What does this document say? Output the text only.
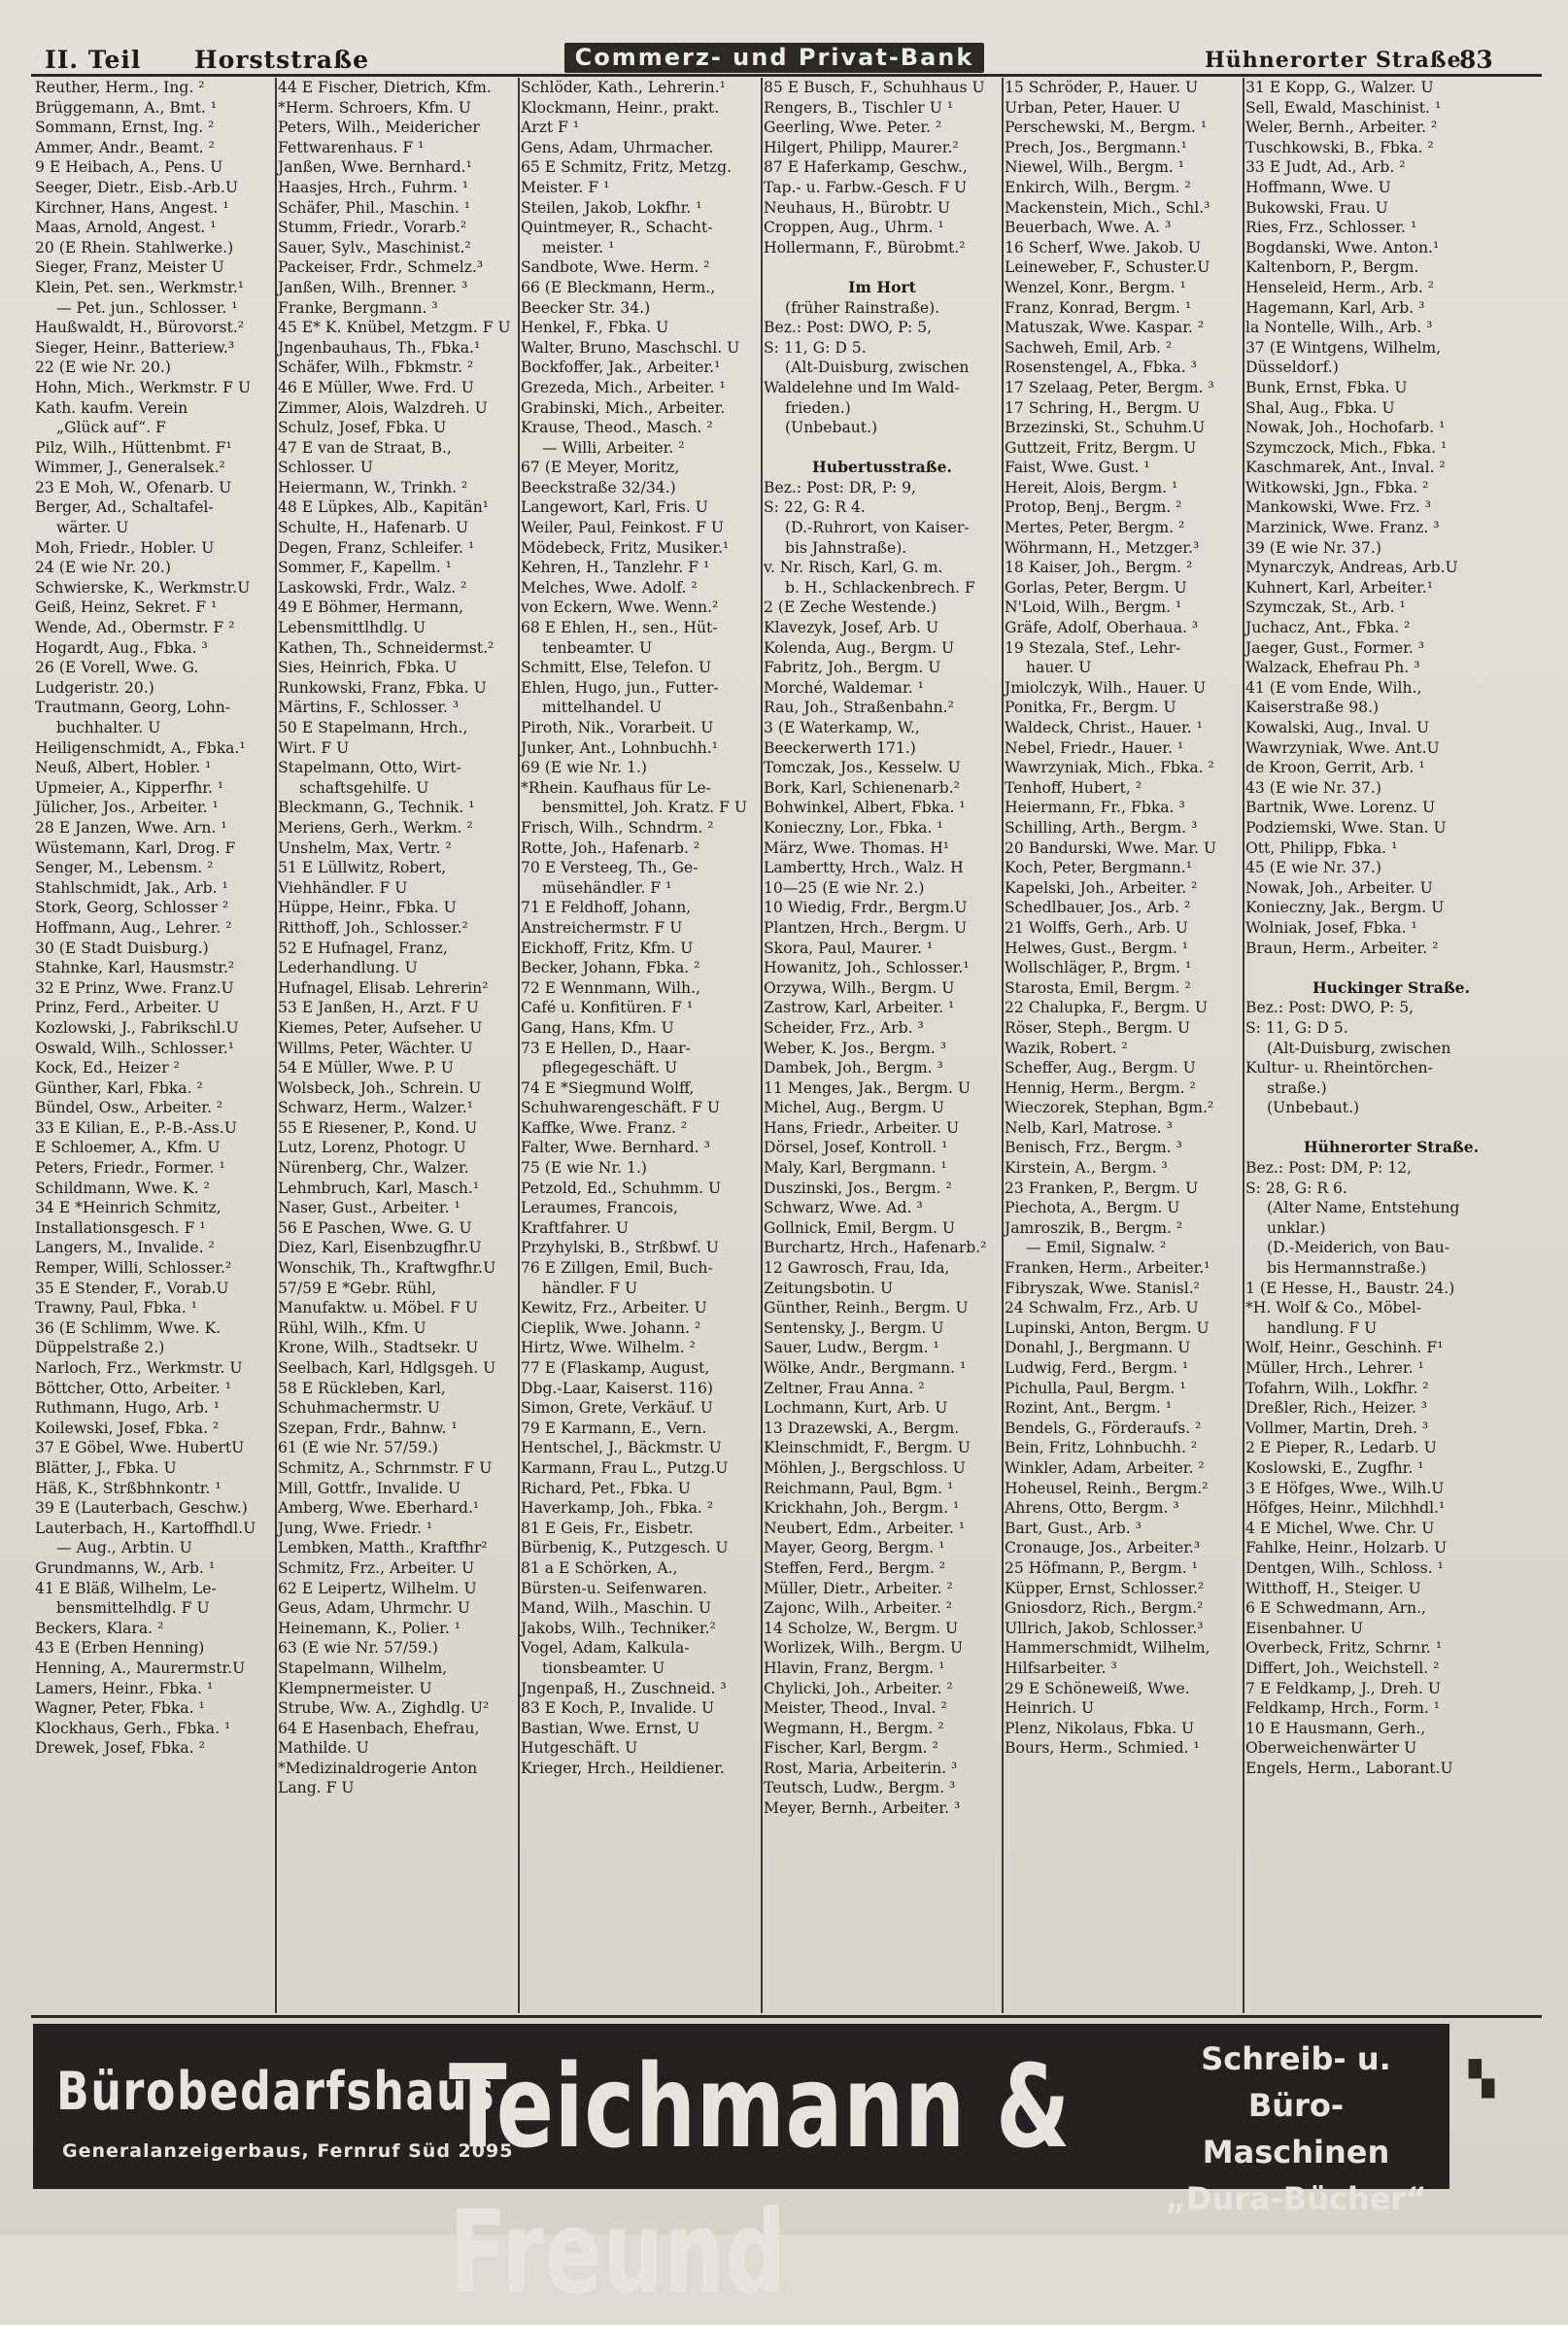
II. Teil Horststraße	Hühnerorter Straße
83
Commerz- und Privat-Bank
Reuther, Herm., Ing. ²
Brüggemann, A., Bmt. ¹
Sommann, Ernst, Ing. ²
Ammer, Andr., Beamt. ²
9 E Heibach, A., Pens. U
Seeger, Dietr., Eisb.-Arb.U
Kirchner, Hans, Angest. ¹
Maas, Arnold, Angest. ¹
20 (E Rhein. Stahlwerke.)
Sieger, Franz, Meister U
Klein, Pet. sen., Werkmstr.¹
— Pet. jun., Schlosser. ¹
Haußwaldt, H., Bürovorst.²
Sieger, Heinr., Batteriew.³
22 (E wie Nr. 20.)
Hohn, Mich., Werkmstr. F U
Kath. kaufm. Verein
„Glück auf“. F
Pilz, Wilh., Hüttenbmt. F¹
Wimmer, J., Generalsek.²
23 E Moh, W., Ofenarb. U
Berger, Ad., Schaltafel-
wärter. U
Moh, Friedr., Hobler. U
24 (E wie Nr. 20.)
Schwierske, K., Werkmstr.U
Geiß, Heinz, Sekret. F ¹
Wende, Ad., Obermstr. F ²
Hogardt, Aug., Fbka. ³
26 (E Vorell, Wwe. G.
Ludgeristr. 20.)
Trautmann, Georg, Lohn-
buchhalter. U
Heiligenschmidt, A., Fbka.¹
Neuß, Albert, Hobler. ¹
Upmeier, A., Kipperfhr. ¹
Jülicher, Jos., Arbeiter. ¹
28 E Janzen, Wwe. Arn. ¹
Wüstemann, Karl, Drog. F
Senger, M., Lebensm. ²
Stahlschmidt, Jak., Arb. ¹
Stork, Georg, Schlosser ²
Hoffmann, Aug., Lehrer. ²
30 (E Stadt Duisburg.)
Stahnke, Karl, Hausmstr.²
32 E Prinz, Wwe. Franz.U
Prinz, Ferd., Arbeiter. U
Kozlowski, J., Fabrikschl.U
Oswald, Wilh., Schlosser.¹
Kock, Ed., Heizer ²
Günther, Karl, Fbka. ²
Bündel, Osw., Arbeiter. ²
33 E Kilian, E., P.-B.-Ass.U
E Schloemer, A., Kfm. U
Peters, Friedr., Former. ¹
Schildmann, Wwe. K. ²
34 E *Heinrich Schmitz,
Installationsgesch. F ¹
Langers, M., Invalide. ²
Remper, Willi, Schlosser.²
35 E Stender, F., Vorab.U
Trawny, Paul, Fbka. ¹
36 (E Schlimm, Wwe. K.
Düppelstraße 2.)
Narloch, Frz., Werkmstr. U
Böttcher, Otto, Arbeiter. ¹
Ruthmann, Hugo, Arb. ¹
Koilewski, Josef, Fbka. ²
37 E Göbel, Wwe. HubertU
Blätter, J., Fbka. U
Häß, K., Strßbhnkontr. ¹
39 E (Lauterbach, Geschw.)
Lauterbach, H., Kartoffhdl.U
— Aug., Arbtin. U
Grundmanns, W., Arb. ¹
41 E Bläß, Wilhelm, Le-
bensmittelhdlg. F U
Beckers, Klara. ²
43 E (Erben Henning)
Henning, A., Maurermstr.U
Lamers, Heinr., Fbka. ¹
Wagner, Peter, Fbka. ¹
Klockhaus, Gerh., Fbka. ¹
Drewek, Josef, Fbka. ²
44 E Fischer, Dietrich, Kfm.
*Herm. Schroers, Kfm. U
Peters, Wilh., Meidericher
Fettwarenhaus. F ¹
Janßen, Wwe. Bernhard.¹
Haasjes, Hrch., Fuhrm. ¹
Schäfer, Phil., Maschin. ¹
Stumm, Friedr., Vorarb.²
Sauer, Sylv., Maschinist.²
Packeiser, Frdr., Schmelz.³
Janßen, Wilh., Brenner. ³
Franke, Bergmann. ³
45 E* K. Knübel, Metzgm. F U
Jngenbauhaus, Th., Fbka.¹
Schäfer, Wilh., Fbkmstr. ²
46 E Müller, Wwe. Frd. U
Zimmer, Alois, Walzdreh. U
Schulz, Josef, Fbka. U
47 E van de Straat, B.,
Schlosser. U
Heiermann, W., Trinkh. ²
48 E Lüpkes, Alb., Kapitän¹
Schulte, H., Hafenarb. U
Degen, Franz, Schleifer. ¹
Sommer, F., Kapellm. ¹
Laskowski, Frdr., Walz. ²
49 E Böhmer, Hermann,
Lebensmittlhdlg. U
Kathen, Th., Schneidermst.²
Sies, Heinrich, Fbka. U
Runkowski, Franz, Fbka. U
Märtins, F., Schlosser. ³
50 E Stapelmann, Hrch.,
Wirt. F U
Stapelmann, Otto, Wirt-
schaftsgehilfe. U
Bleckmann, G., Technik. ¹
Meriens, Gerh., Werkm. ²
Unshelm, Max, Vertr. ²
51 E Lüllwitz, Robert,
Viehhändler. F U
Hüppe, Heinr., Fbka. U
Ritthoff, Joh., Schlosser.²
52 E Hufnagel, Franz,
Lederhandlung. U
Hufnagel, Elisab. Lehrerin²
53 E Janßen, H., Arzt. F U
Kiemes, Peter, Aufseher. U
Willms, Peter, Wächter. U
54 E Müller, Wwe. P. U
Wolsbeck, Joh., Schrein. U
Schwarz, Herm., Walzer.¹
55 E Riesener, P., Kond. U
Lutz, Lorenz, Photogr. U
Nürenberg, Chr., Walzer.
Lehmbruch, Karl, Masch.¹
Naser, Gust., Arbeiter. ¹
56 E Paschen, Wwe. G. U
Diez, Karl, Eisenbzugfhr.U
Wonschik, Th., Kraftwgfhr.U
57/59 E *Gebr. Rühl,
Manufaktw. u. Möbel. F U
Rühl, Wilh., Kfm. U
Krone, Wilh., Stadtsekr. U
Seelbach, Karl, Hdlgsgeh. U
58 E Rückleben, Karl,
Schuhmachermstr. U
Szepan, Frdr., Bahnw. ¹
61 (E wie Nr. 57/59.)
Schmitz, A., Schrnmstr. F U
Mill, Gottfr., Invalide. U
Amberg, Wwe. Eberhard.¹
Jung, Wwe. Friedr. ¹
Lembken, Matth., Kraftfhr²
Schmitz, Frz., Arbeiter. U
62 E Leipertz, Wilhelm. U
Geus, Adam, Uhrmchr. U
Heinemann, K., Polier. ¹
63 (E wie Nr. 57/59.)
Stapelmann, Wilhelm,
Klempnermeister. U
Strube, Ww. A., Zighdlg. U²
64 E Hasenbach, Ehefrau,
Mathilde. U
*Medizinaldrogerie Anton
Lang. F U
Schlöder, Kath., Lehrerin.¹
Klockmann, Heinr., prakt.
Arzt F ¹
Gens, Adam, Uhrmacher.
65 E Schmitz, Fritz, Metzg.
Meister. F ¹
Steilen, Jakob, Lokfhr. ¹
Quintmeyer, R., Schacht-
meister. ¹
Sandbote, Wwe. Herm. ²
66 (E Bleckmann, Herm.,
Beecker Str. 34.)
Henkel, F., Fbka. U
Walter, Bruno, Maschschl. U
Bockfoffer, Jak., Arbeiter.¹
Grezeda, Mich., Arbeiter. ¹
Grabinski, Mich., Arbeiter.
Krause, Theod., Masch. ²
— Willi, Arbeiter. ²
67 (E Meyer, Moritz,
Beeckstraße 32/34.)
Langewort, Karl, Fris. U
Weiler, Paul, Feinkost. F U
Mödebeck, Fritz, Musiker.¹
Kehren, H., Tanzlehr. F ¹
Melches, Wwe. Adolf. ²
von Eckern, Wwe. Wenn.²
68 E Ehlen, H., sen., Hüt-
tenbeamter. U
Schmitt, Else, Telefon. U
Ehlen, Hugo, jun., Futter-
mittelhandel. U
Piroth, Nik., Vorarbeit. U
Junker, Ant., Lohnbuchh.¹
69 (E wie Nr. 1.)
*Rhein. Kaufhaus für Le-
bensmittel, Joh. Kratz. F U
Frisch, Wilh., Schndrm. ²
Rotte, Joh., Hafenarb. ²
70 E Versteeg, Th., Ge-
müsehändler. F ¹
71 E Feldhoff, Johann,
Anstreichermstr. F U
Eickhoff, Fritz, Kfm. U
Becker, Johann, Fbka. ²
72 E Wennmann, Wilh.,
Café u. Konfitüren. F ¹
Gang, Hans, Kfm. U
73 E Hellen, D., Haar-
pflegegeschäft. U
74 E *Siegmund Wolff,
Schuhwarengeschäft. F U
Kaffke, Wwe. Franz. ²
Falter, Wwe. Bernhard. ³
75 (E wie Nr. 1.)
Petzold, Ed., Schuhmm. U
Leraumes, Francois,
Kraftfahrer. U
Przyhylski, B., Strßbwf. U
76 E Zillgen, Emil, Buch-
händler. F U
Kewitz, Frz., Arbeiter. U
Cieplik, Wwe. Johann. ²
Hirtz, Wwe. Wilhelm. ²
77 E (Flaskamp, August,
Dbg.-Laar, Kaiserst. 116)
Simon, Grete, Verkäuf. U
79 E Karmann, E., Vern.
Hentschel, J., Bäckmstr. U
Karmann, Frau L., Putzg.U
Richard, Pet., Fbka. U
Haverkamp, Joh., Fbka. ²
81 E Geis, Fr., Eisbetr.
Bürbenig, K., Putzgesch. U
81 a E Schörken, A.,
Bürsten-u. Seifenwaren.
Mand, Wilh., Maschin. U
Jakobs, Wilh., Techniker.²
Vogel, Adam, Kalkula-
tionsbeamter. U
Jngenpaß, H., Zuschneid. ³
83 E Koch, P., Invalide. U
Bastian, Wwe. Ernst, U
Hutgeschäft. U
Krieger, Hrch., Heildiener.
85 E Busch, F., Schuhhaus U
Rengers, B., Tischler U ¹
Geerling, Wwe. Peter. ²
Hilgert, Philipp, Maurer.²
87 E Haferkamp, Geschw.,
Tap.- u. Farbw.-Gesch. F U
Neuhaus, H., Bürobtr. U
Croppen, Aug., Uhrm. ¹
Hollermann, F., Bürobmt.²
Im Hort
(früher Rainstraße).
Bez.: Post: DWO, P: 5,
S: 11, G: D 5.
(Alt-Duisburg, zwischen
Waldelehne und Im Wald-
frieden.)
(Unbebaut.)
Hubertusstraße.
Bez.: Post: DR, P: 9,
S: 22, G: R 4.
(D.-Ruhrort, von Kaiser-
bis Jahnstraße).
v. Nr. Risch, Karl, G. m.
b. H., Schlackenbrech. F
2 (E Zeche Westende.)
Klavezyk, Josef, Arb. U
Kolenda, Aug., Bergm. U
Fabritz, Joh., Bergm. U
Morché, Waldemar. ¹
Rau, Joh., Straßenbahn.²
3 (E Waterkamp, W.,
Beeckerwerth 171.)
Tomczak, Jos., Kesselw. U
Bork, Karl, Schienenarb.²
Bohwinkel, Albert, Fbka. ¹
Konieczny, Lor., Fbka. ¹
März, Wwe. Thomas. H¹
Lambertty, Hrch., Walz. H
10—25 (E wie Nr. 2.)
10 Wiedig, Frdr., Bergm.U
Plantzen, Hrch., Bergm. U
Skora, Paul, Maurer. ¹
Howanitz, Joh., Schlosser.¹
Orzywa, Wilh., Bergm. U
Zastrow, Karl, Arbeiter. ¹
Scheider, Frz., Arb. ³
Weber, K. Jos., Bergm. ³
Dambek, Joh., Bergm. ³
11 Menges, Jak., Bergm. U
Michel, Aug., Bergm. U
Hans, Friedr., Arbeiter. U
Dörsel, Josef, Kontroll. ¹
Maly, Karl, Bergmann. ¹
Duszinski, Jos., Bergm. ²
Schwarz, Wwe. Ad. ³
Gollnick, Emil, Bergm. U
Burchartz, Hrch., Hafenarb.²
12 Gawrosch, Frau, Ida,
Zeitungsbotin. U
Günther, Reinh., Bergm. U
Sentensky, J., Bergm. U
Sauer, Ludw., Bergm. ¹
Wölke, Andr., Bergmann. ¹
Zeltner, Frau Anna. ²
Lochmann, Kurt, Arb. U
13 Drazewski, A., Bergm.
Kleinschmidt, F., Bergm. U
Möhlen, J., Bergschloss. U
Reichmann, Paul, Bgm. ¹
Krickhahn, Joh., Bergm. ¹
Neubert, Edm., Arbeiter. ¹
Mayer, Georg, Bergm. ¹
Steffen, Ferd., Bergm. ²
Müller, Dietr., Arbeiter. ²
Zajonc, Wilh., Arbeiter. ²
14 Scholze, W., Bergm. U
Worlizek, Wilh., Bergm. U
Hlavin, Franz, Bergm. ¹
Chylicki, Joh., Arbeiter. ²
Meister, Theod., Inval. ²
Wegmann, H., Bergm. ²
Fischer, Karl, Bergm. ²
Rost, Maria, Arbeiterin. ³
Teutsch, Ludw., Bergm. ³
Meyer, Bernh., Arbeiter. ³
15 Schröder, P., Hauer. U
Urban, Peter, Hauer. U
Perschewski, M., Bergm. ¹
Prech, Jos., Bergmann.¹
Niewel, Wilh., Bergm. ¹
Enkirch, Wilh., Bergm. ²
Mackenstein, Mich., Schl.³
Beuerbach, Wwe. A. ³
16 Scherf, Wwe. Jakob. U
Leineweber, F., Schuster.U
Wenzel, Konr., Bergm. ¹
Franz, Konrad, Bergm. ¹
Matuszak, Wwe. Kaspar. ²
Sachweh, Emil, Arb. ²
Rosenstengel, A., Fbka. ³
17 Szelaag, Peter, Bergm. ³
17 Schring, H., Bergm. U
Brzezinski, St., Schuhm.U
Guttzeit, Fritz, Bergm. U
Faist, Wwe. Gust. ¹
Hereit, Alois, Bergm. ¹
Protop, Benj., Bergm. ²
Mertes, Peter, Bergm. ²
Wöhrmann, H., Metzger.³
18 Kaiser, Joh., Bergm. ²
Gorlas, Peter, Bergm. U
N'Loid, Wilh., Bergm. ¹
Gräfe, Adolf, Oberhaua. ³
19 Stezala, Stef., Lehr-
hauer. U
Jmiolczyk, Wilh., Hauer. U
Ponitka, Fr., Bergm. U
Waldeck, Christ., Hauer. ¹
Nebel, Friedr., Hauer. ¹
Wawrzyniak, Mich., Fbka. ²
Tenhoff, Hubert, ²
Heiermann, Fr., Fbka. ³
Schilling, Arth., Bergm. ³
20 Bandurski, Wwe. Mar. U
Koch, Peter, Bergmann.¹
Kapelski, Joh., Arbeiter. ²
Schedlbauer, Jos., Arb. ²
21 Wolffs, Gerh., Arb. U
Helwes, Gust., Bergm. ¹
Wollschläger, P., Brgm. ¹
Starosta, Emil, Bergm. ²
22 Chalupka, F., Bergm. U
Röser, Steph., Bergm. U
Wazik, Robert. ²
Scheffer, Aug., Bergm. U
Hennig, Herm., Bergm. ²
Wieczorek, Stephan, Bgm.²
Nelb, Karl, Matrose. ³
Benisch, Frz., Bergm. ³
Kirstein, A., Bergm. ³
23 Franken, P., Bergm. U
Piechota, A., Bergm. U
Jamroszik, B., Bergm. ²
— Emil, Signalw. ²
Franken, Herm., Arbeiter.¹
Fibryszak, Wwe. Stanisl.²
24 Schwalm, Frz., Arb. U
Lupinski, Anton, Bergm. U
Donahl, J., Bergmann. U
Ludwig, Ferd., Bergm. ¹
Pichulla, Paul, Bergm. ¹
Rozint, Ant., Bergm. ¹
Bendels, G., Förderaufs. ²
Bein, Fritz, Lohnbuchh. ²
Winkler, Adam, Arbeiter. ²
Hoheusel, Reinh., Bergm.²
Ahrens, Otto, Bergm. ³
Bart, Gust., Arb. ³
Cronauge, Jos., Arbeiter.³
25 Höfmann, P., Bergm. ¹
Küpper, Ernst, Schlosser.²
Gniosdorz, Rich., Bergm.²
Ullrich, Jakob, Schlosser.³
Hammerschmidt, Wilhelm,
Hilfsarbeiter. ³
29 E Schöneweiß, Wwe.
Heinrich. U
Plenz, Nikolaus, Fbka. U
Bours, Herm., Schmied. ¹
31 E Kopp, G., Walzer. U
Sell, Ewald, Maschinist. ¹
Weler, Bernh., Arbeiter. ²
Tuschkowski, B., Fbka. ²
33 E Judt, Ad., Arb. ²
Hoffmann, Wwe. U
Bukowski, Frau. U
Ries, Frz., Schlosser. ¹
Bogdanski, Wwe. Anton.¹
Kaltenborn, P., Bergm.
Henseleid, Herm., Arb. ²
Hagemann, Karl, Arb. ³
la Nontelle, Wilh., Arb. ³
37 (E Wintgens, Wilhelm,
Düsseldorf.)
Bunk, Ernst, Fbka. U
Shal, Aug., Fbka. U
Nowak, Joh., Hochofarb. ¹
Szymczock, Mich., Fbka. ¹
Kaschmarek, Ant., Inval. ²
Witkowski, Jgn., Fbka. ²
Mankowski, Wwe. Frz. ³
Marzinick, Wwe. Franz. ³
39 (E wie Nr. 37.)
Mynarczyk, Andreas, Arb.U
Kuhnert, Karl, Arbeiter.¹
Szymczak, St., Arb. ¹
Juchacz, Ant., Fbka. ²
Jaeger, Gust., Former. ³
Walzack, Ehefrau Ph. ³
41 (E vom Ende, Wilh.,
Kaiserstraße 98.)
Kowalski, Aug., Inval. U
Wawrzyniak, Wwe. Ant.U
de Kroon, Gerrit, Arb. ¹
43 (E wie Nr. 37.)
Bartnik, Wwe. Lorenz. U
Podziemski, Wwe. Stan. U
Ott, Philipp, Fbka. ¹
45 (E wie Nr. 37.)
Nowak, Joh., Arbeiter. U
Konieczny, Jak., Bergm. U
Wolniak, Josef, Fbka. ¹
Braun, Herm., Arbeiter. ²
Huckinger Straße.
Bez.: Post: DWO, P: 5,
S: 11, G: D 5.
(Alt-Duisburg, zwischen
Kultur- u. Rheintörchen-
straße.)
(Unbebaut.)
Hühnerorter Straße.
Bez.: Post: DM, P: 12,
S: 28, G: R 6.
(Alter Name, Entstehung
unklar.)
(D.-Meiderich, von Bau-
bis Hermannstraße.)
1 (E Hesse, H., Baustr. 24.)
*H. Wolf & Co., Möbel-
handlung. F U
Wolf, Heinr., Geschinh. F¹
Müller, Hrch., Lehrer. ¹
Tofahrn, Wilh., Lokfhr. ²
Dreßler, Rich., Heizer. ³
Vollmer, Martin, Dreh. ³
2 E Pieper, R., Ledarb. U
Koslowski, E., Zugfhr. ¹
3 E Höfges, Wwe., Wilh.U
Höfges, Heinr., Milchhdl.¹
4 E Michel, Wwe. Chr. U
Fahlke, Heinr., Holzarb. U
Dentgen, Wilh., Schloss. ¹
Witthoff, H., Steiger. U
6 E Schwedmann, Arn.,
Eisenbahner. U
Overbeck, Fritz, Schrnr. ¹
Differt, Joh., Weichstell. ²
7 E Feldkamp, J., Dreh. U
Feldkamp, Hrch., Form. ¹
10 E Hausmann, Gerh.,
Oberweichenwärter U
Engels, Herm., Laborant.U
Bürobedarfshaus
Generalanzeigerbaus, Fernruf Süd 2095
Teichmann & Freund
Schreib- u. Büro-
Maschinen
„Dura-Bücher“
▚
